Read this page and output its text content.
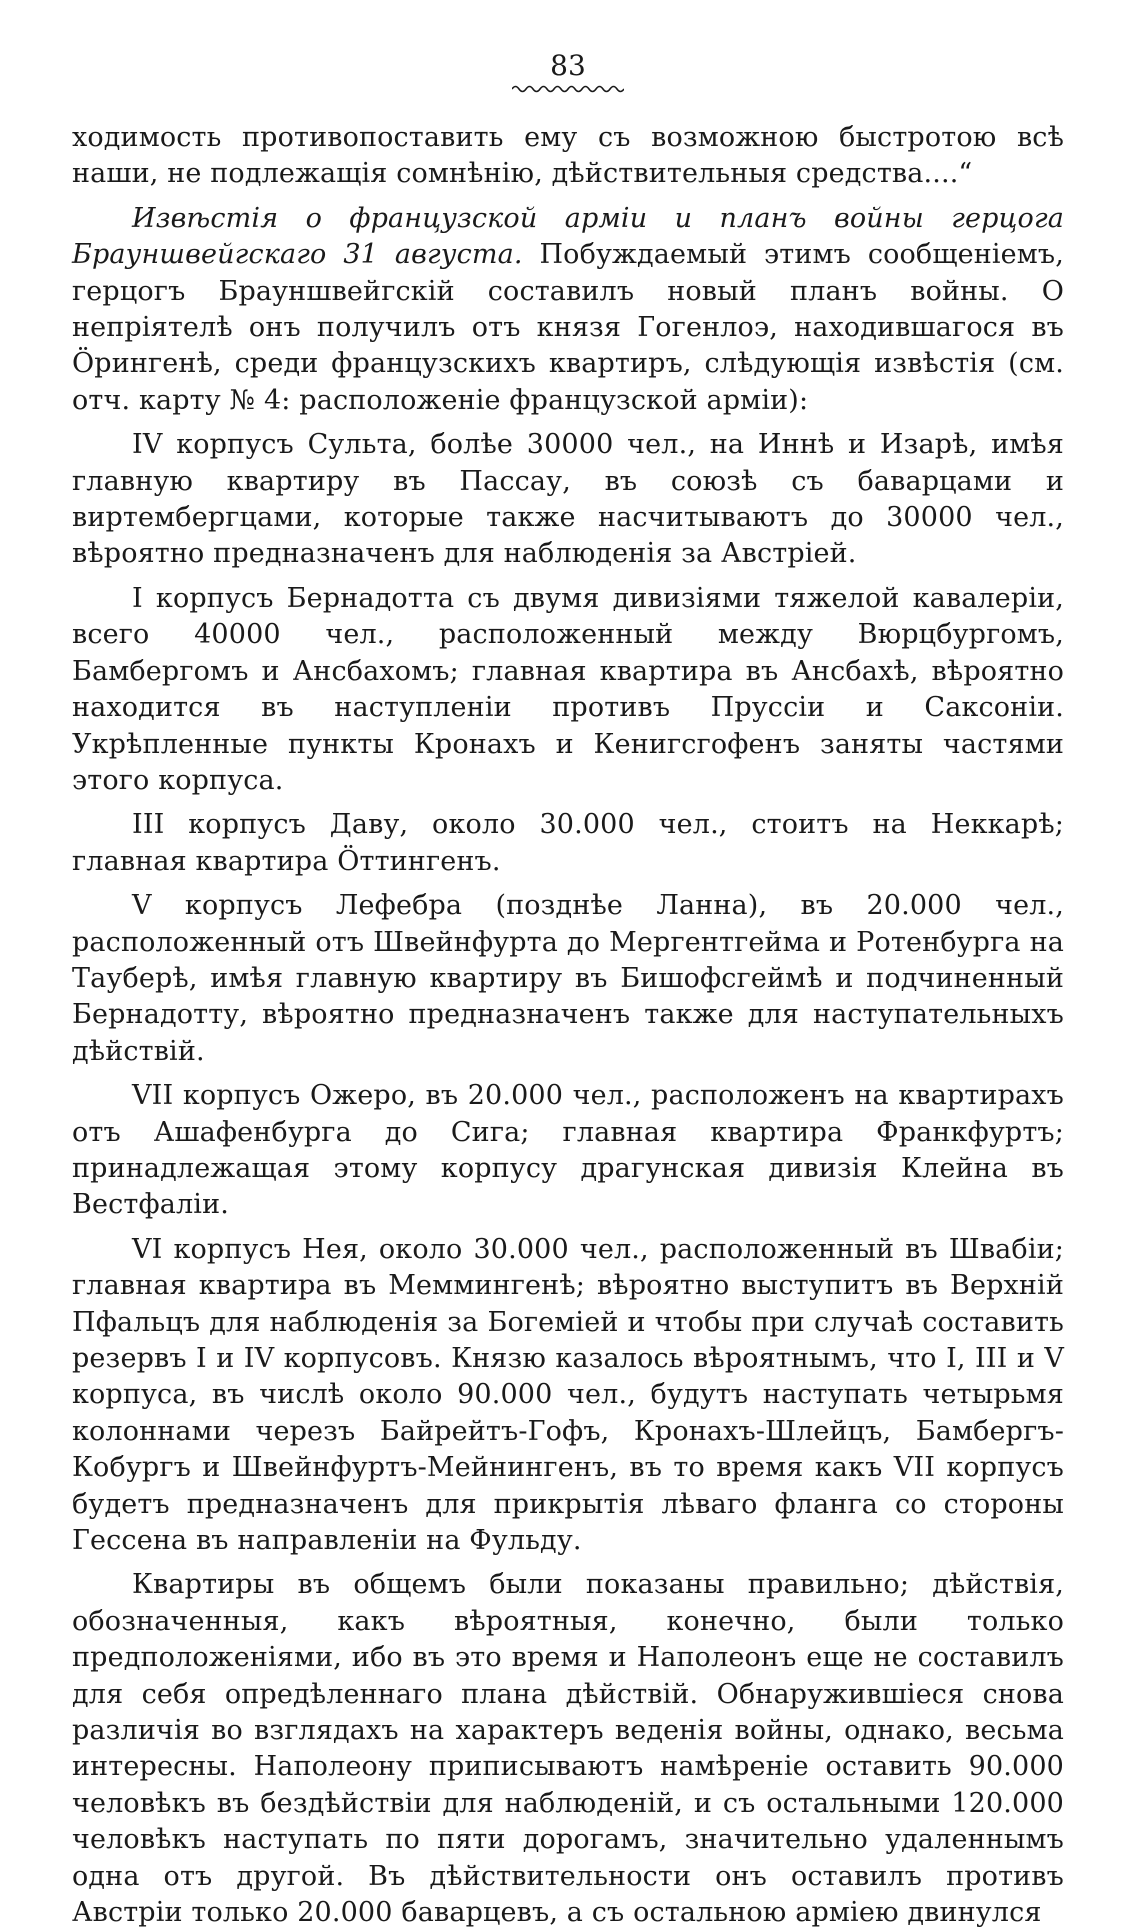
83

ходимость противопоставить ему съ возможною быстротою всѣ наши, не подлежащія сомнѣнію, дѣйствительныя средства....“

Извѣстія о французской арміи и планъ войны герцога Брауншвейгскаго 31 августа. Побуждаемый этимъ сообщеніемъ, герцогъ Брауншвейгскій составилъ новый планъ войны. О непріятелѣ онъ получилъ отъ князя Гогенлоэ, находившагося въ Öрингенѣ, среди французскихъ квартиръ, слѣдующія извѣстія (см. отч. карту № 4: расположеніе французской арміи):

IV корпусъ Сульта, болѣе 30000 чел., на Иннѣ и Изарѣ, имѣя главную квартиру въ Пассау, въ союзѣ съ баварцами и виртембергцами, которые также насчитываютъ до 30000 чел., вѣроятно предназначенъ для наблюденія за Австріей.

I корпусъ Бернадотта съ двумя дивизіями тяжелой кавалеріи, всего 40000 чел., расположенный между Вюрцбургомъ, Бамбергомъ и Ансбахомъ; главная квартира въ Ансбахѣ, вѣроятно находится въ наступленіи противъ Пруссіи и Саксоніи. Укрѣпленные пункты Кронахъ и Кенигсгофенъ заняты частями этого корпуса.

III корпусъ Даву, около 30.000 чел., стоитъ на Неккарѣ; главная квартира Öттингенъ.

V корпусъ Лефебра (позднѣе Ланна), въ 20.000 чел., расположенный отъ Швейнфурта до Мергентгейма и Ротенбурга на Тауберѣ, имѣя главную квартиру въ Бишофсгеймѣ и подчиненный Бернадотту, вѣроятно предназначенъ также для наступательныхъ дѣйствій.

VII корпусъ Ожеро, въ 20.000 чел., расположенъ на квартирахъ отъ Ашафенбурга до Сига; главная квартира Франкфуртъ; принадлежащая этому корпусу драгунская дивизія Клейна въ Вестфаліи.

VI корпусъ Нея, около 30.000 чел., расположенный въ Швабіи; главная квартира въ Меммингенѣ; вѣроятно выступитъ въ Верхній Пфальцъ для наблюденія за Богеміей и чтобы при случаѣ составить резервъ I и IV корпусовъ. Князю казалось вѣроятнымъ, что I, III и V корпуса, въ числѣ около 90.000 чел., будутъ наступать четырьмя колоннами черезъ Байрейтъ-Гофъ, Кронахъ-Шлейцъ, Бамбергъ-Кобургъ и Швейнфуртъ-Мейнингенъ, въ то время какъ VII корпусъ будетъ предназначенъ для прикрытія лѣваго фланга со стороны Гессена въ направленіи на Фульду.

Квартиры въ общемъ были показаны правильно; дѣйствія, обозначенныя, какъ вѣроятныя, конечно, были только предположеніями, ибо въ это время и Наполеонъ еще не составилъ для себя опредѣленнаго плана дѣйствій. Обнаружившіеся снова различія во взглядахъ на характеръ веденія войны, однако, весьма интересны. Наполеону приписываютъ намѣреніе оставить 90.000 человѣкъ въ бездѣйствіи для наблюденій, и съ остальными 120.000 человѣкъ наступать по пяти дорогамъ, значительно удаленнымъ одна отъ другой. Въ дѣйствительности онъ оставилъ противъ Австріи только 20.000 баварцевъ, а съ остальною арміею двинулся
